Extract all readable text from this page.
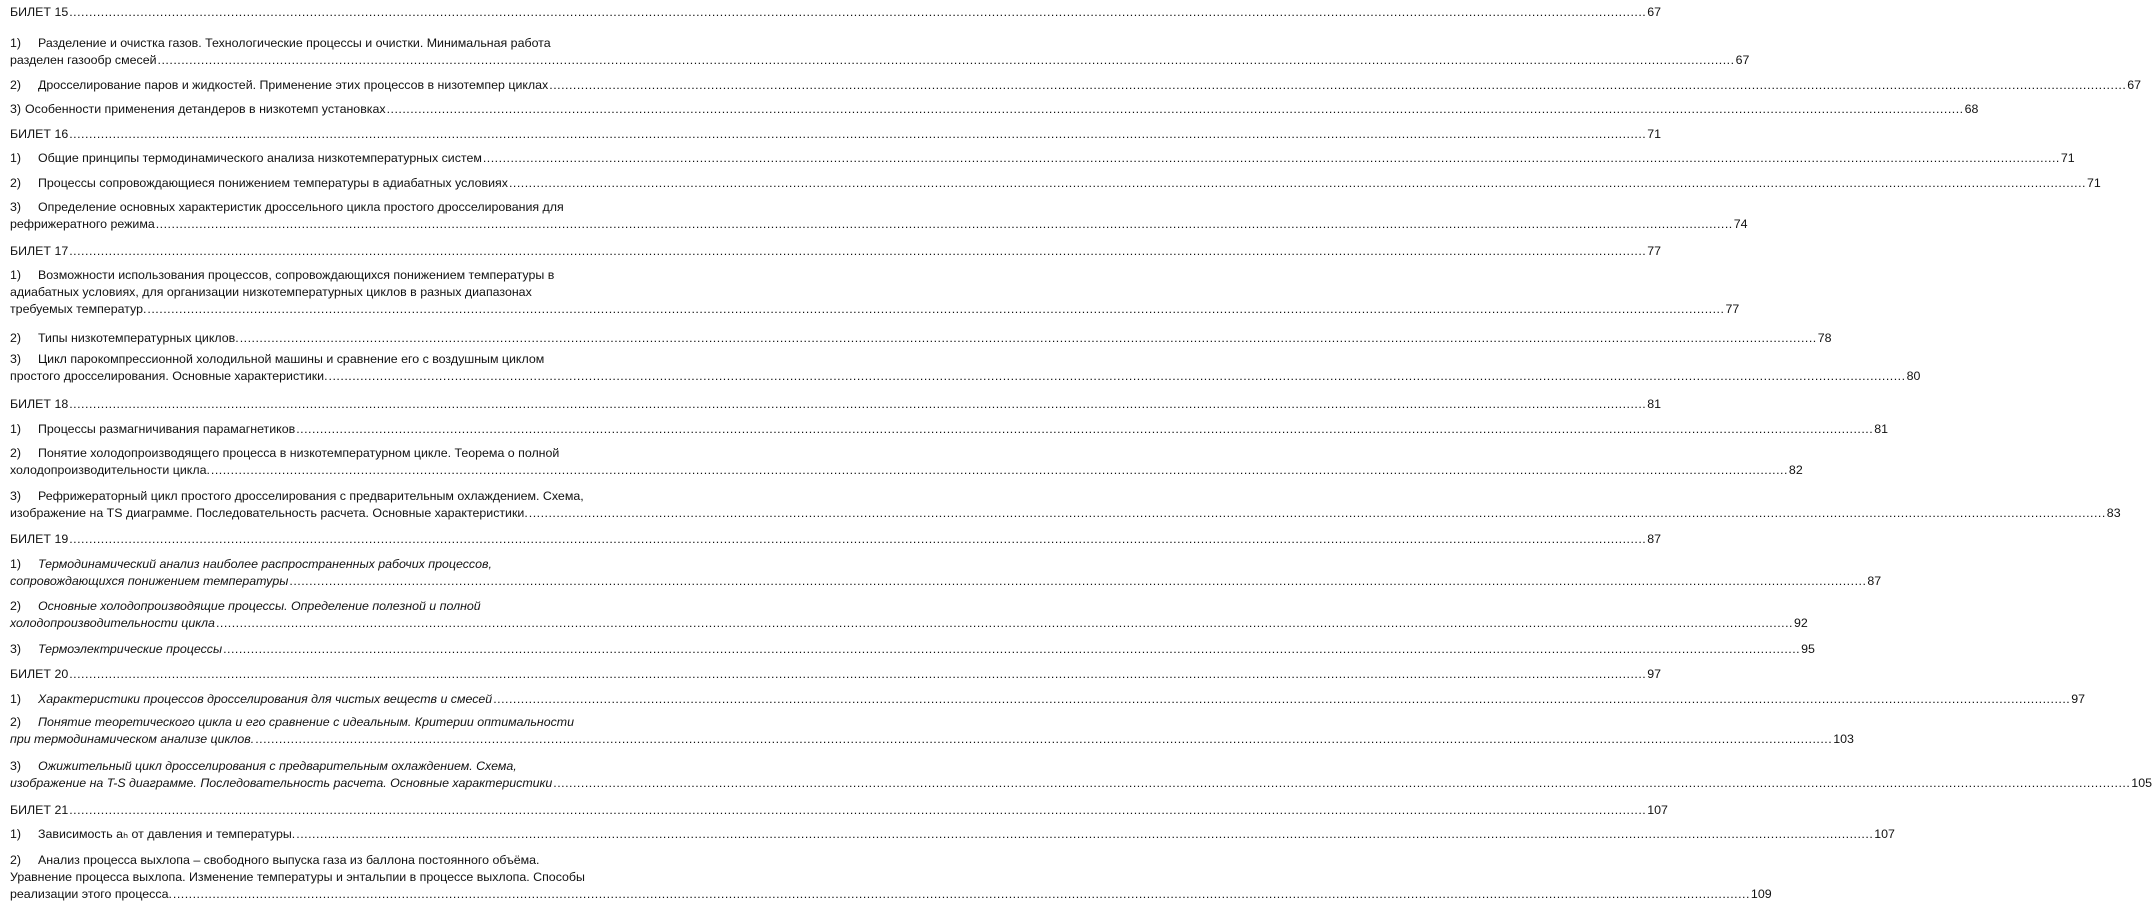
БИЛЕТ 15 ................................................................................................................................................................................................................................................................................................................................................................................................................ 67
1) Разделение и очистка газов. Технологические процессы и очистки. Минимальная работа
разделен газообр смесей ................................................................................................................................................................................................................................................................................................................................................................................................................ 67
2) Дросселирование паров и жидкостей. Применение этих процессов в низотемпер циклах ................................................................................................................................................................................................................................................................................................................................................................................................................ 67
3) Особенности применения детандеров в низкотемп установках ................................................................................................................................................................................................................................................................................................................................................................................................................ 68
БИЛЕТ 16 ................................................................................................................................................................................................................................................................................................................................................................................................................ 71
1) Общие принципы термодинамического анализа низкотемпературных систем ................................................................................................................................................................................................................................................................................................................................................................................................................ 71
2) Процессы сопровождающиеся понижением температуры в адиабатных условиях ................................................................................................................................................................................................................................................................................................................................................................................................................ 71
3) Определение основных характеристик дроссельного цикла простого дросселирования для
рефрижератного режима ................................................................................................................................................................................................................................................................................................................................................................................................................ 74
БИЛЕТ 17 ................................................................................................................................................................................................................................................................................................................................................................................................................ 77
1) Возможности использования процессов, сопровождающихся понижением температуры в
адиабатных условиях, для организации низкотемпературных циклов в разных диапазонах
требуемых температур. ................................................................................................................................................................................................................................................................................................................................................................................................................ 77
2) Типы низкотемпературных циклов. ................................................................................................................................................................................................................................................................................................................................................................................................................ 78
3) Цикл парокомпрессионной холодильной машины и сравнение его с воздушным циклом
простого дросселирования. Основные характеристики. ................................................................................................................................................................................................................................................................................................................................................................................................................ 80
БИЛЕТ 18 ................................................................................................................................................................................................................................................................................................................................................................................................................ 81
1) Процессы размагничивания парамагнетиков ................................................................................................................................................................................................................................................................................................................................................................................................................ 81
2) Понятие холодопроизводящего процесса в низкотемпературном цикле. Теорема о полной
холодопроизводительности цикла. ................................................................................................................................................................................................................................................................................................................................................................................................................ 82
3) Рефрижераторный цикл простого дросселирования с предварительным охлаждением. Схема,
изображение на TS диаграмме. Последовательность расчета. Основные характеристики. ................................................................................................................................................................................................................................................................................................................................................................................................................ 83
БИЛЕТ 19 ................................................................................................................................................................................................................................................................................................................................................................................................................ 87
1) Термодинамический анализ наиболее распространенных рабочих процессов,
сопровождающихся понижением температуры ................................................................................................................................................................................................................................................................................................................................................................................................................ 87
2) Основные холодопроизводящие процессы. Определение полезной и полной
холодопроизводительности цикла ................................................................................................................................................................................................................................................................................................................................................................................................................ 92
3) Термоэлектрические процессы ................................................................................................................................................................................................................................................................................................................................................................................................................ 95
БИЛЕТ 20 ................................................................................................................................................................................................................................................................................................................................................................................................................ 97
1) Характеристики процессов дросселирования для чистых веществ и смесей ................................................................................................................................................................................................................................................................................................................................................................................................................ 97
2) Понятие теоретического цикла и его сравнение с идеальным. Критерии оптимальности
при термодинамическом анализе циклов. ................................................................................................................................................................................................................................................................................................................................................................................................................ 103
3) Ожижительный цикл дросселирования с предварительным охлаждением. Схема,
изображение на T-S диаграмме. Последовательность расчета. Основные характеристики ................................................................................................................................................................................................................................................................................................................................................................................................................ 105
БИЛЕТ 21 ................................................................................................................................................................................................................................................................................................................................................................................................................ 107
1) Зависимость aₕ от давления и температуры. ................................................................................................................................................................................................................................................................................................................................................................................................................ 107
2) Анализ процесса выхлопа – свободного выпуска газа из баллона постоянного объёма.
Уравнение процесса выхлопа. Изменение температуры и энтальпии в процессе выхлопа. Способы
реализации этого процесса. ................................................................................................................................................................................................................................................................................................................................................................................................................ 109
